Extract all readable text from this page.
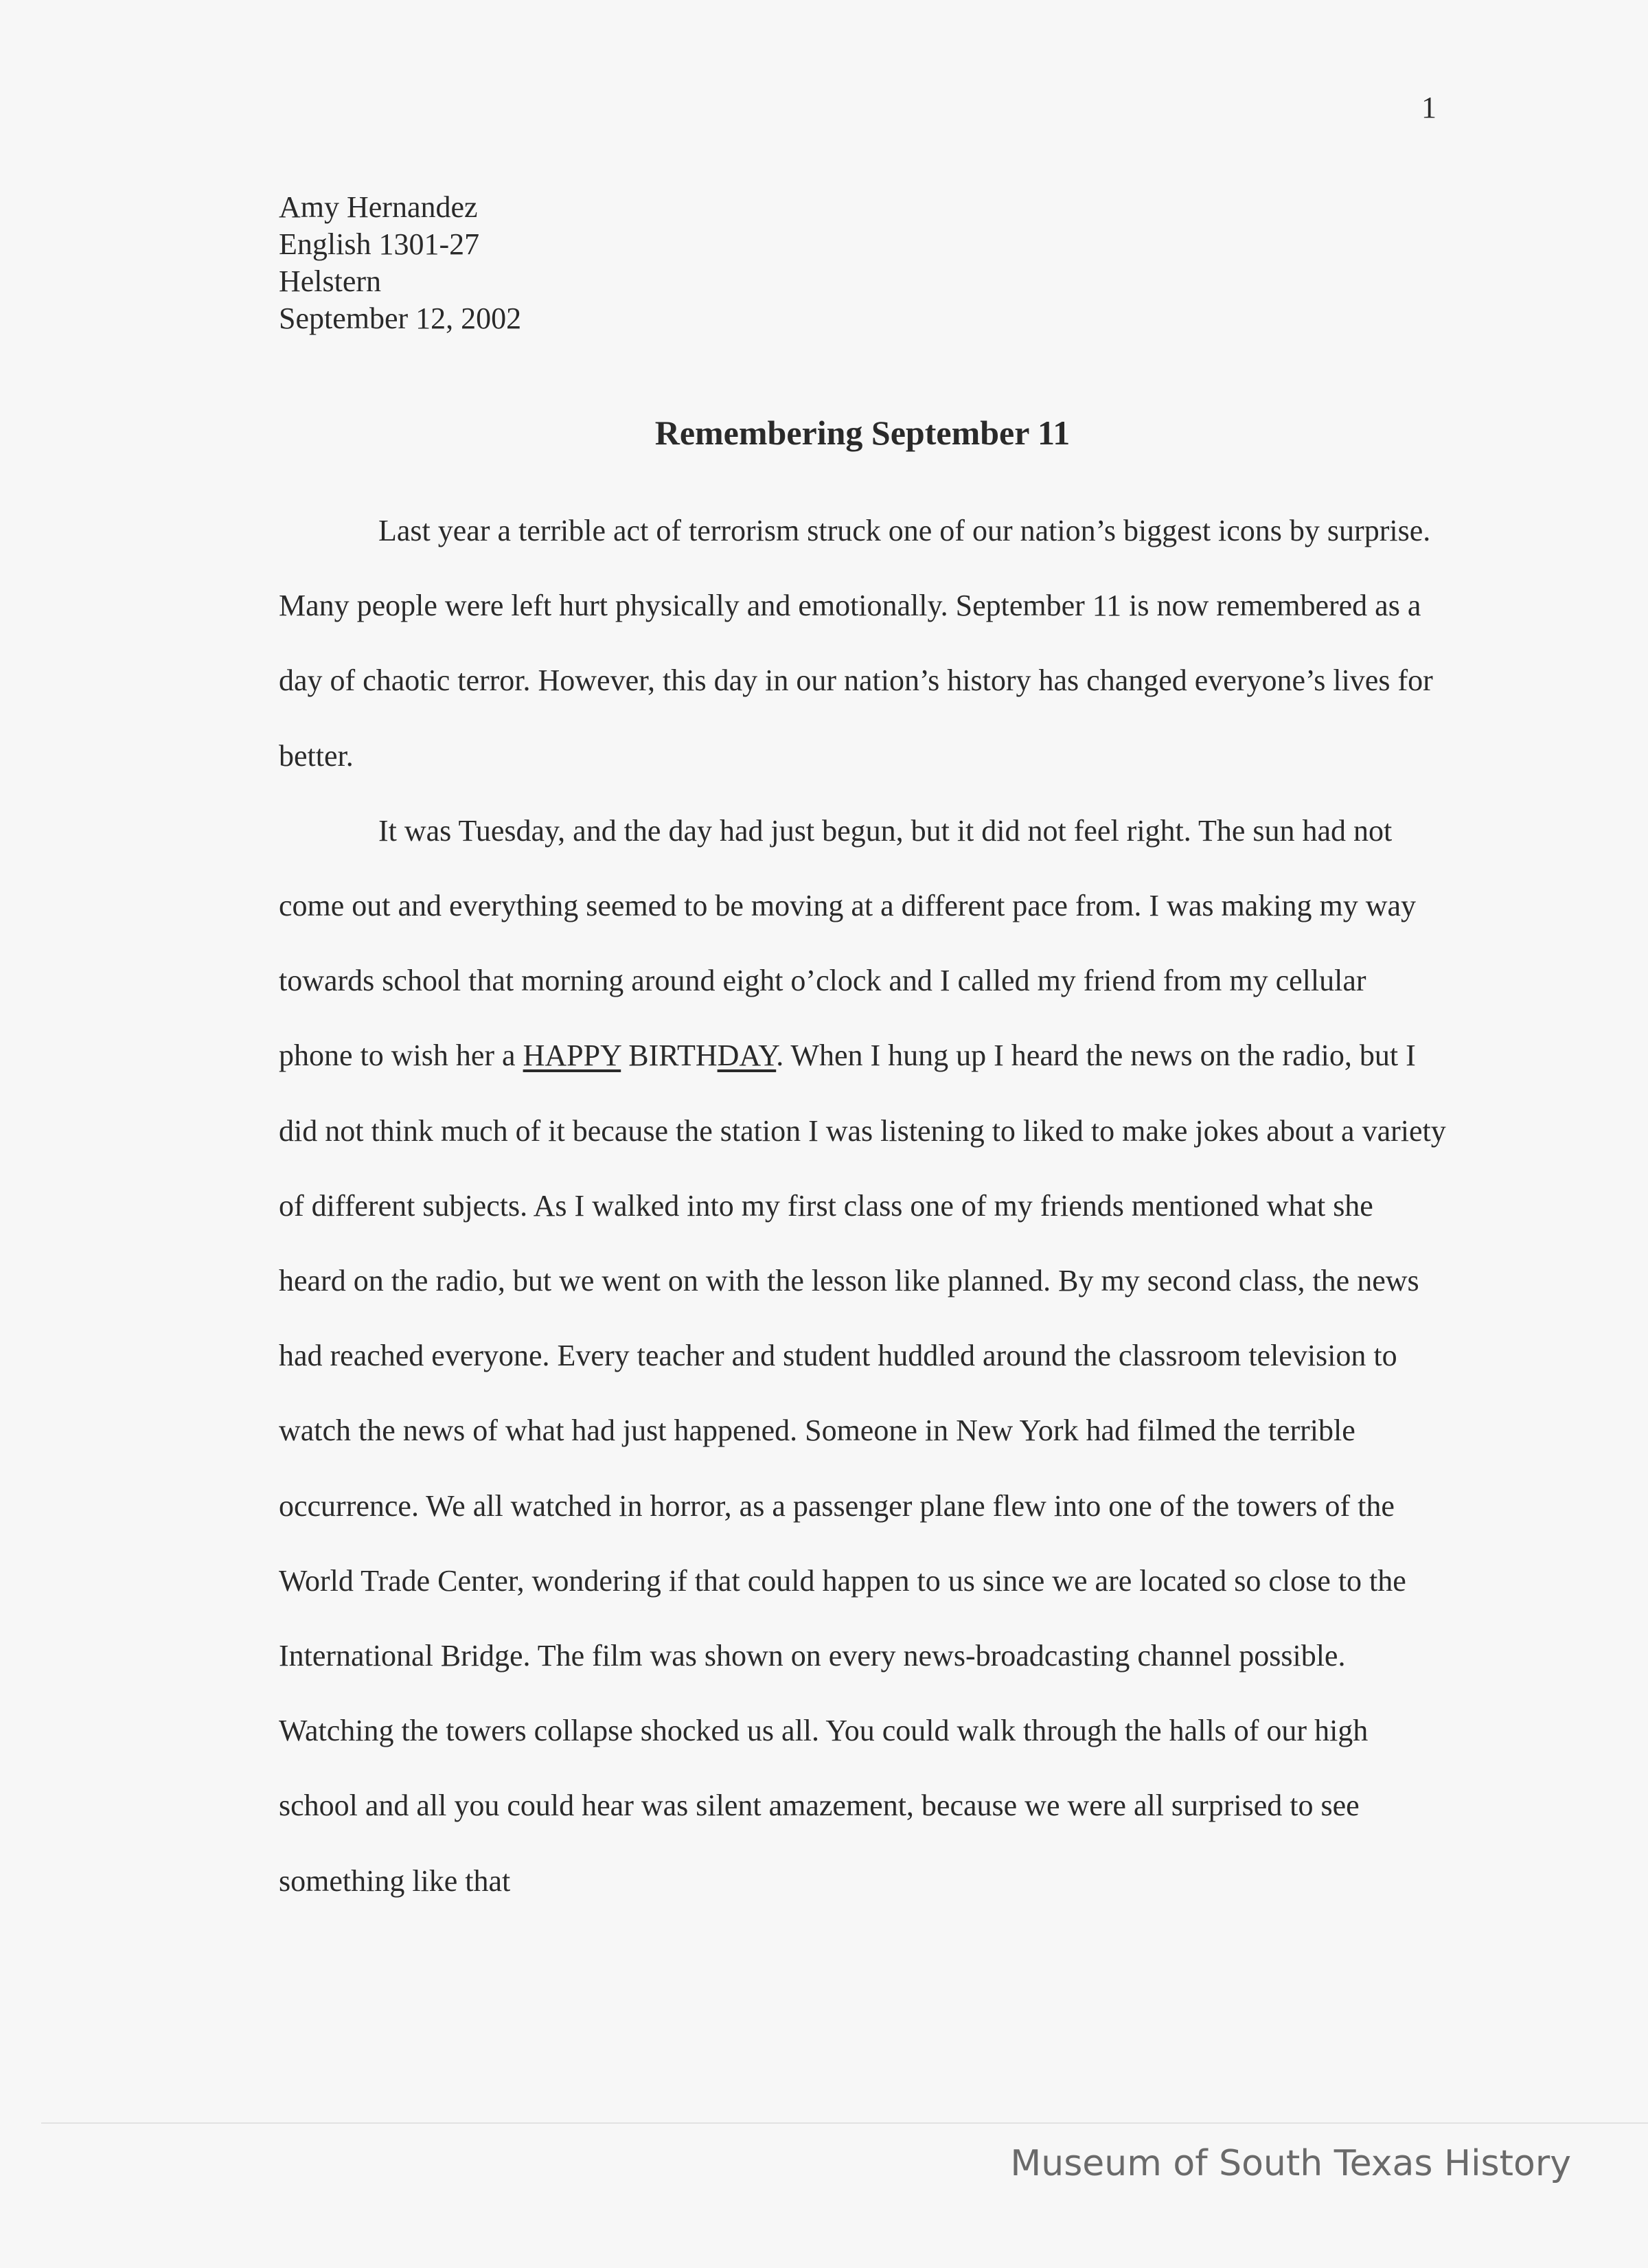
1
Amy Hernandez
English 1301-27
Helstern
September 12, 2002
Remembering September 11

Last year a terrible act of terrorism struck one of our nation’s biggest icons by surprise. Many people were left hurt physically and emotionally. September 11 is now remembered as a day of chaotic terror. However, this day in our nation’s history has changed everyone’s lives for better.

It was Tuesday, and the day had just begun, but it did not feel right. The sun had not come out and everything seemed to be moving at a different pace from. I was making my way towards school that morning around eight o’clock and I called my friend from my cellular phone to wish her a HAPPY BIRTHDAY. When I hung up I heard the news on the radio, but I did not think much of it because the station I was listening to liked to make jokes about a variety of different subjects. As I walked into my first class one of my friends mentioned what she heard on the radio, but we went on with the lesson like planned. By my second class, the news had reached everyone. Every teacher and student huddled around the classroom television to watch the news of what had just happened. Someone in New York had filmed the terrible occurrence. We all watched in horror, as a passenger plane flew into one of the towers of the World Trade Center, wondering if that could happen to us since we are located so close to the International Bridge. The film was shown on every news-broadcasting channel possible. Watching the towers collapse shocked us all. You could walk through the halls of our high school and all you could hear was silent amazement, because we were all surprised to see something like that

Museum of South Texas History
